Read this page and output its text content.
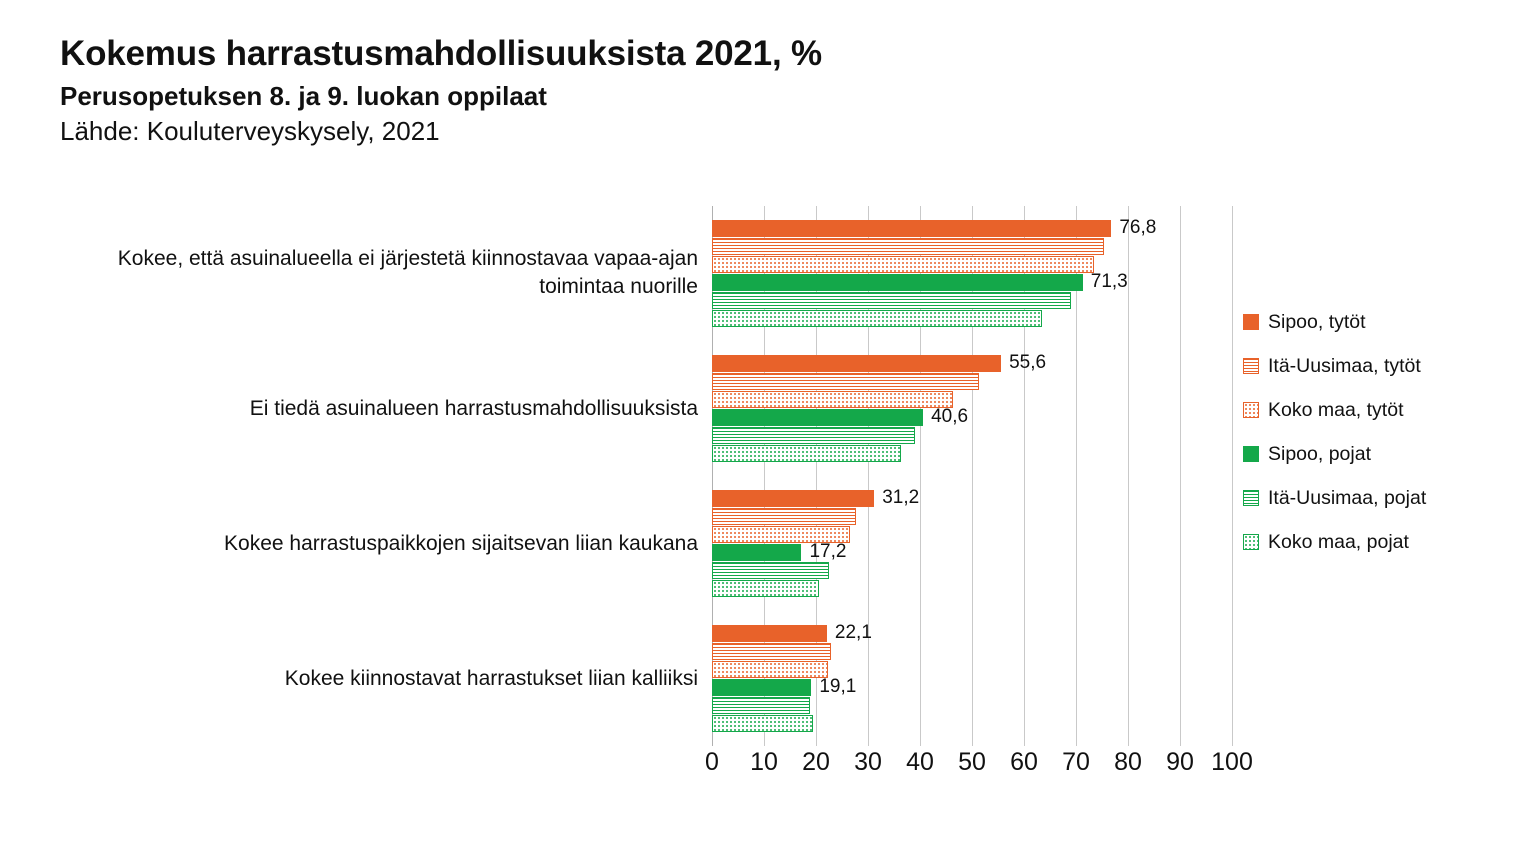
Kokemus harrastusmahdollisuuksista 2021, %
Perusopetuksen 8. ja 9. luokan oppilaat
Lähde: Kouluterveyskysely, 2021
76,8
71,3
55,6
40,6
31,2
17,2
22,1
19,1
Kokee, että asuinalueella ei järjestetä kiinnostavaa vapaa-ajan toimintaa nuorille
Ei tiedä asuinalueen harrastusmahdollisuuksista
Kokee harrastuspaikkojen sijaitsevan liian kaukana
Kokee kiinnostavat harrastukset liian kalliiksi
0 10 20 30 40 50 60 70 80 90 100
Sipoo, tytöt
Itä-Uusimaa, tytöt
Koko maa, tytöt
Sipoo, pojat
Itä-Uusimaa, pojat
Koko maa, pojat
